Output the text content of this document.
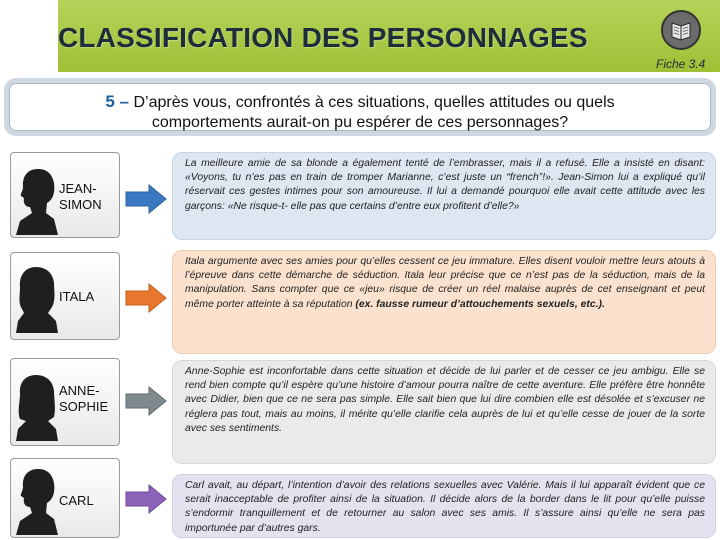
CLASSIFICATION DES PERSONNAGES
Fiche 3.4
5 – D’après vous, confrontés à ces situations, quelles attitudes ou quels
comportements aurait-on pu espérer de ces personnages?
JEAN-
SIMON
La meilleure amie de sa blonde a également tenté de l’embrasser, mais il a refusé. Elle a insisté en disant: «Voyons, tu n’es pas en train de tromper Marianne, c’est juste un “french”!». Jean-Simon lui a expliqué qu’il réservait ces gestes intimes pour son amoureuse. Il lui a demandé pourquoi elle avait cette attitude avec les garçons: «Ne risque-t- elle pas que certains d’entre eux profitent d’elle?»
ITALA
Itala argumente avec ses amies pour qu’elles cessent ce jeu immature. Elles disent vouloir mettre leurs atouts à l’épreuve dans cette démarche de séduction. Itala leur précise que ce n’est pas de la séduction, mais de la manipulation. Sans compter que ce «jeu» risque de créer un réel malaise auprès de cet enseignant et peut même porter atteinte à sa réputation (ex. fausse rumeur d’attouchements sexuels, etc.).
ANNE-
SOPHIE
Anne-Sophie est inconfortable dans cette situation et décide de lui parler et de cesser ce jeu ambigu. Elle se rend bien compte qu’il espère qu’une histoire d’amour pourra naître de cette aventure. Elle préfère être honnête avec Didier, bien que ce ne sera pas simple. Elle sait bien que lui dire combien elle est désolée et s’excuser ne réglera pas tout, mais au moins, il mérite qu’elle clarifie cela auprès de lui et qu’elle cesse de jouer de la sorte avec ses sentiments.
CARL
Carl avait, au départ, l’intention d’avoir des relations sexuelles avec Valérie. Mais il lui apparaît évident que ce serait inacceptable de profiter ainsi de la situation. Il décide alors de la border dans le lit pour qu’elle puisse s’endormir tranquillement et de retourner au salon avec ses amis. Il s’assure ainsi qu’elle ne sera pas importunée par d’autres gars.
